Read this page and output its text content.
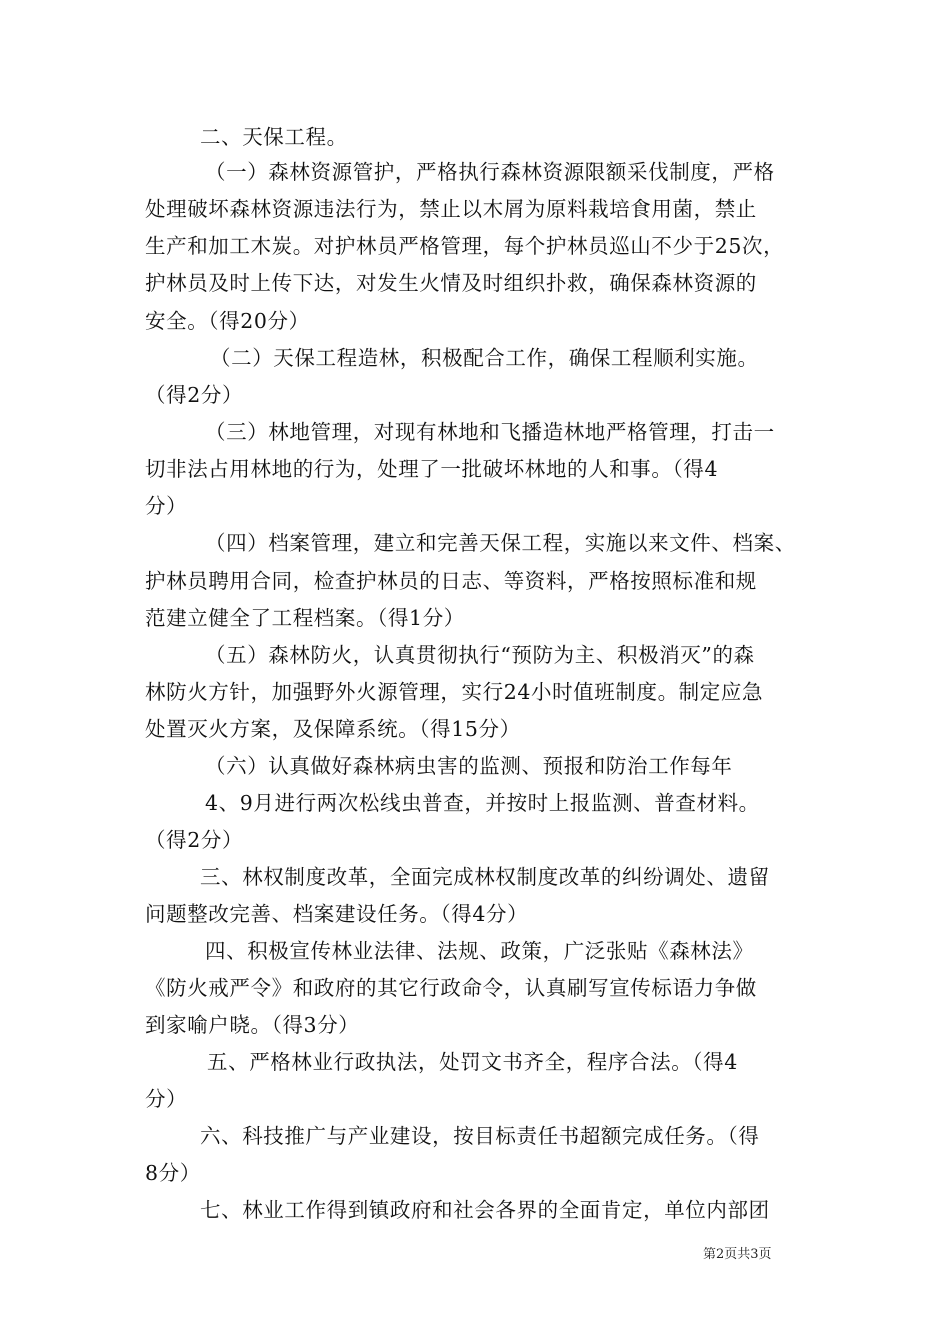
二、天保工程。
（一）森林资源管护，严格执行森林资源限额采伐制度，严格
处理破坏森林资源违法行为，禁止以木屑为原料栽培食用菌，禁止
生产和加工木炭。对护林员严格管理，每个护林员巡山不少于25次，
护林员及时上传下达，对发生火情及时组织扑救，确保森林资源的
安全。（得20分）
（二）天保工程造林，积极配合工作，确保工程顺利实施。
（得2分）
（三）林地管理，对现有林地和飞播造林地严格管理，打击一
切非法占用林地的行为，处理了一批破坏林地的人和事。（得4
分）
（四）档案管理，建立和完善天保工程，实施以来文件、档案、
护林员聘用合同，检查护林员的日志、等资料，严格按照标准和规
范建立健全了工程档案。（得1分）
（五）森林防火，认真贯彻执行“预防为主、积极消灭”的森
林防火方针，加强野外火源管理，实行24小时值班制度。制定应急
处置灭火方案，及保障系统。（得15分）
（六）认真做好森林病虫害的监测、预报和防治工作每年
4、9月进行两次松线虫普查，并按时上报监测、普查材料。
（得2分）
三、林权制度改革，全面完成林权制度改革的纠纷调处、遗留
问题整改完善、档案建设任务。（得4分）
四、积极宣传林业法律、法规、政策，广泛张贴《森林法》
《防火戒严令》和政府的其它行政命令，认真刷写宣传标语力争做
到家喻户晓。（得3分）
五、严格林业行政执法，处罚文书齐全，程序合法。（得4
分）
六、科技推广与产业建设，按目标责任书超额完成任务。（得
8分）
七、林业工作得到镇政府和社会各界的全面肯定，单位内部团
第2页共3页
